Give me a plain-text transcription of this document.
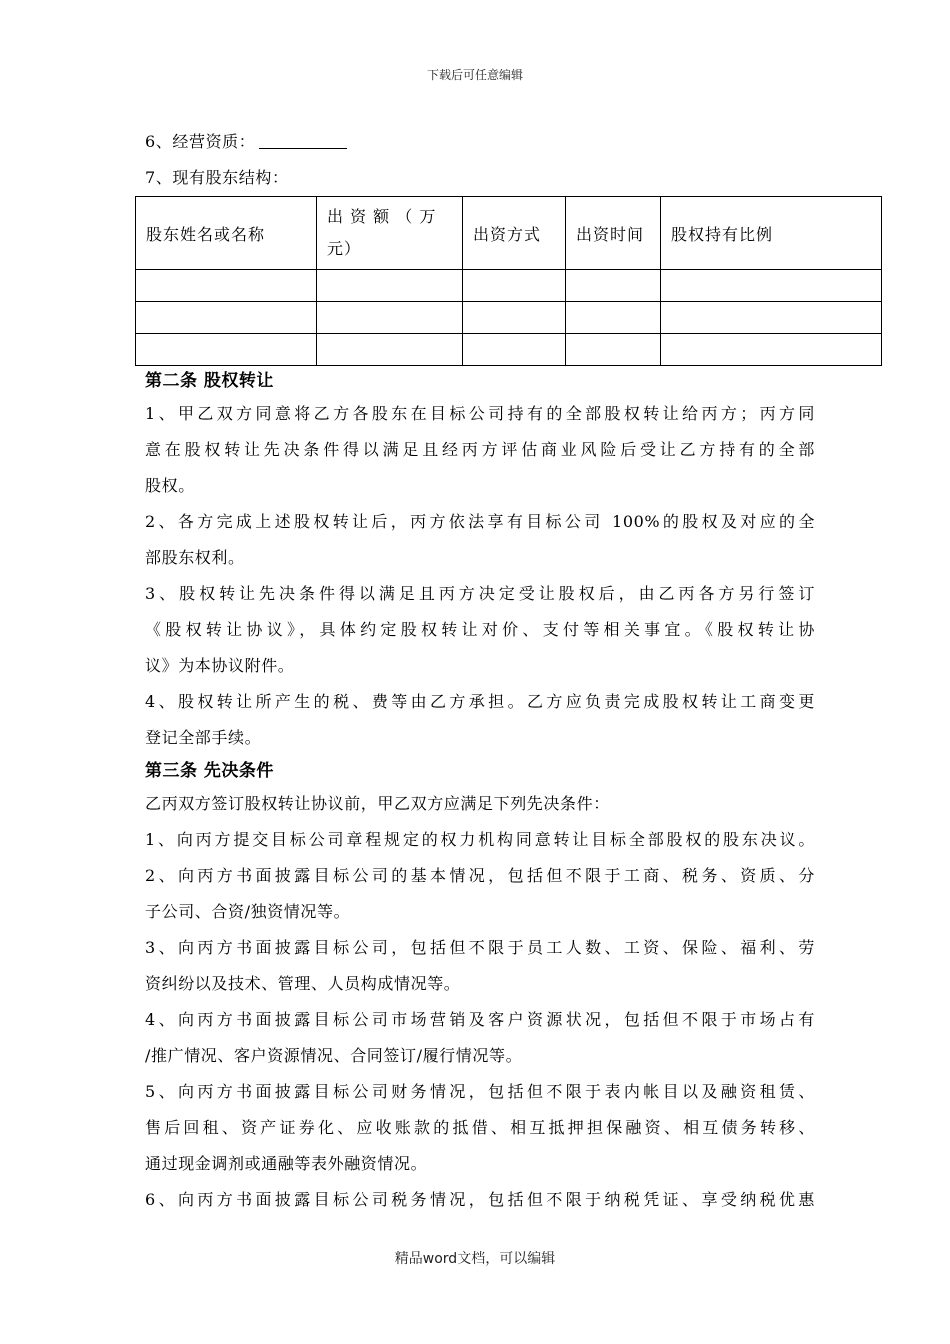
下载后可任意编辑
6、经营资质：
7、现有股东结构：
股东姓名或名称	出 资 额 （ 万 元）	出资方式	出资时间	股权持有比例

第二条 股权转让
1、甲乙双方同意将乙方各股东在目标公司持有的全部股权转让给丙方；丙方同
意在股权转让先决条件得以满足且经丙方评估商业风险后受让乙方持有的全部
股权。
2、各方完成上述股权转让后，丙方依法享有目标公司 100%的股权及对应的全
部股东权利。
3、股权转让先决条件得以满足且丙方决定受让股权后，由乙丙各方另行签订
《股权转让协议》，具体约定股权转让对价、支付等相关事宜。《股权转让协
议》为本协议附件。
4、股权转让所产生的税、费等由乙方承担。乙方应负责完成股权转让工商变更
登记全部手续。
第三条 先决条件
乙丙双方签订股权转让协议前，甲乙双方应满足下列先决条件：
1、向丙方提交目标公司章程规定的权力机构同意转让目标全部股权的股东决议。
2、向丙方书面披露目标公司的基本情况，包括但不限于工商、税务、资质、分
子公司、合资/独资情况等。
3、向丙方书面披露目标公司，包括但不限于员工人数、工资、保险、福利、劳
资纠纷以及技术、管理、人员构成情况等。
4、向丙方书面披露目标公司市场营销及客户资源状况，包括但不限于市场占有
/推广情况、客户资源情况、合同签订/履行情况等。
5、向丙方书面披露目标公司财务情况，包括但不限于表内帐目以及融资租赁、
售后回租、资产证券化、应收账款的抵借、相互抵押担保融资、相互债务转移、
通过现金调剂或通融等表外融资情况。
6、向丙方书面披露目标公司税务情况，包括但不限于纳税凭证、享受纳税优惠
精品word文档，可以编辑
